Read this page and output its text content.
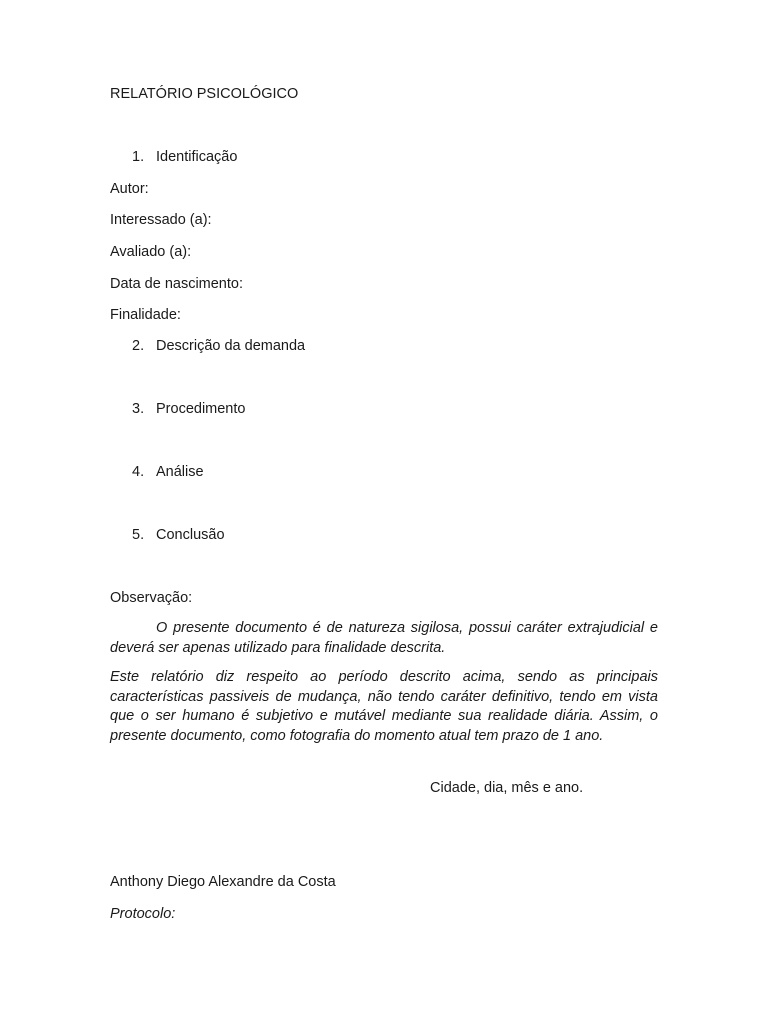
RELATÓRIO PSICOLÓGICO
1. Identificação
Autor:
Interessado (a):
Avaliado (a):
Data de nascimento:
Finalidade:
2. Descrição da demanda
3. Procedimento
4. Análise
5. Conclusão
Observação:
O presente documento é de natureza sigilosa, possui caráter extrajudicial e deverá ser apenas utilizado para finalidade descrita.
Este relatório diz respeito ao período descrito acima, sendo as principais características passiveis de mudança, não tendo caráter definitivo, tendo em vista que o ser humano é subjetivo e mutável mediante sua realidade diária. Assim, o presente documento, como fotografia do momento atual tem prazo de 1 ano.
Cidade, dia, mês e ano.
Anthony Diego Alexandre da Costa
Protocolo:
